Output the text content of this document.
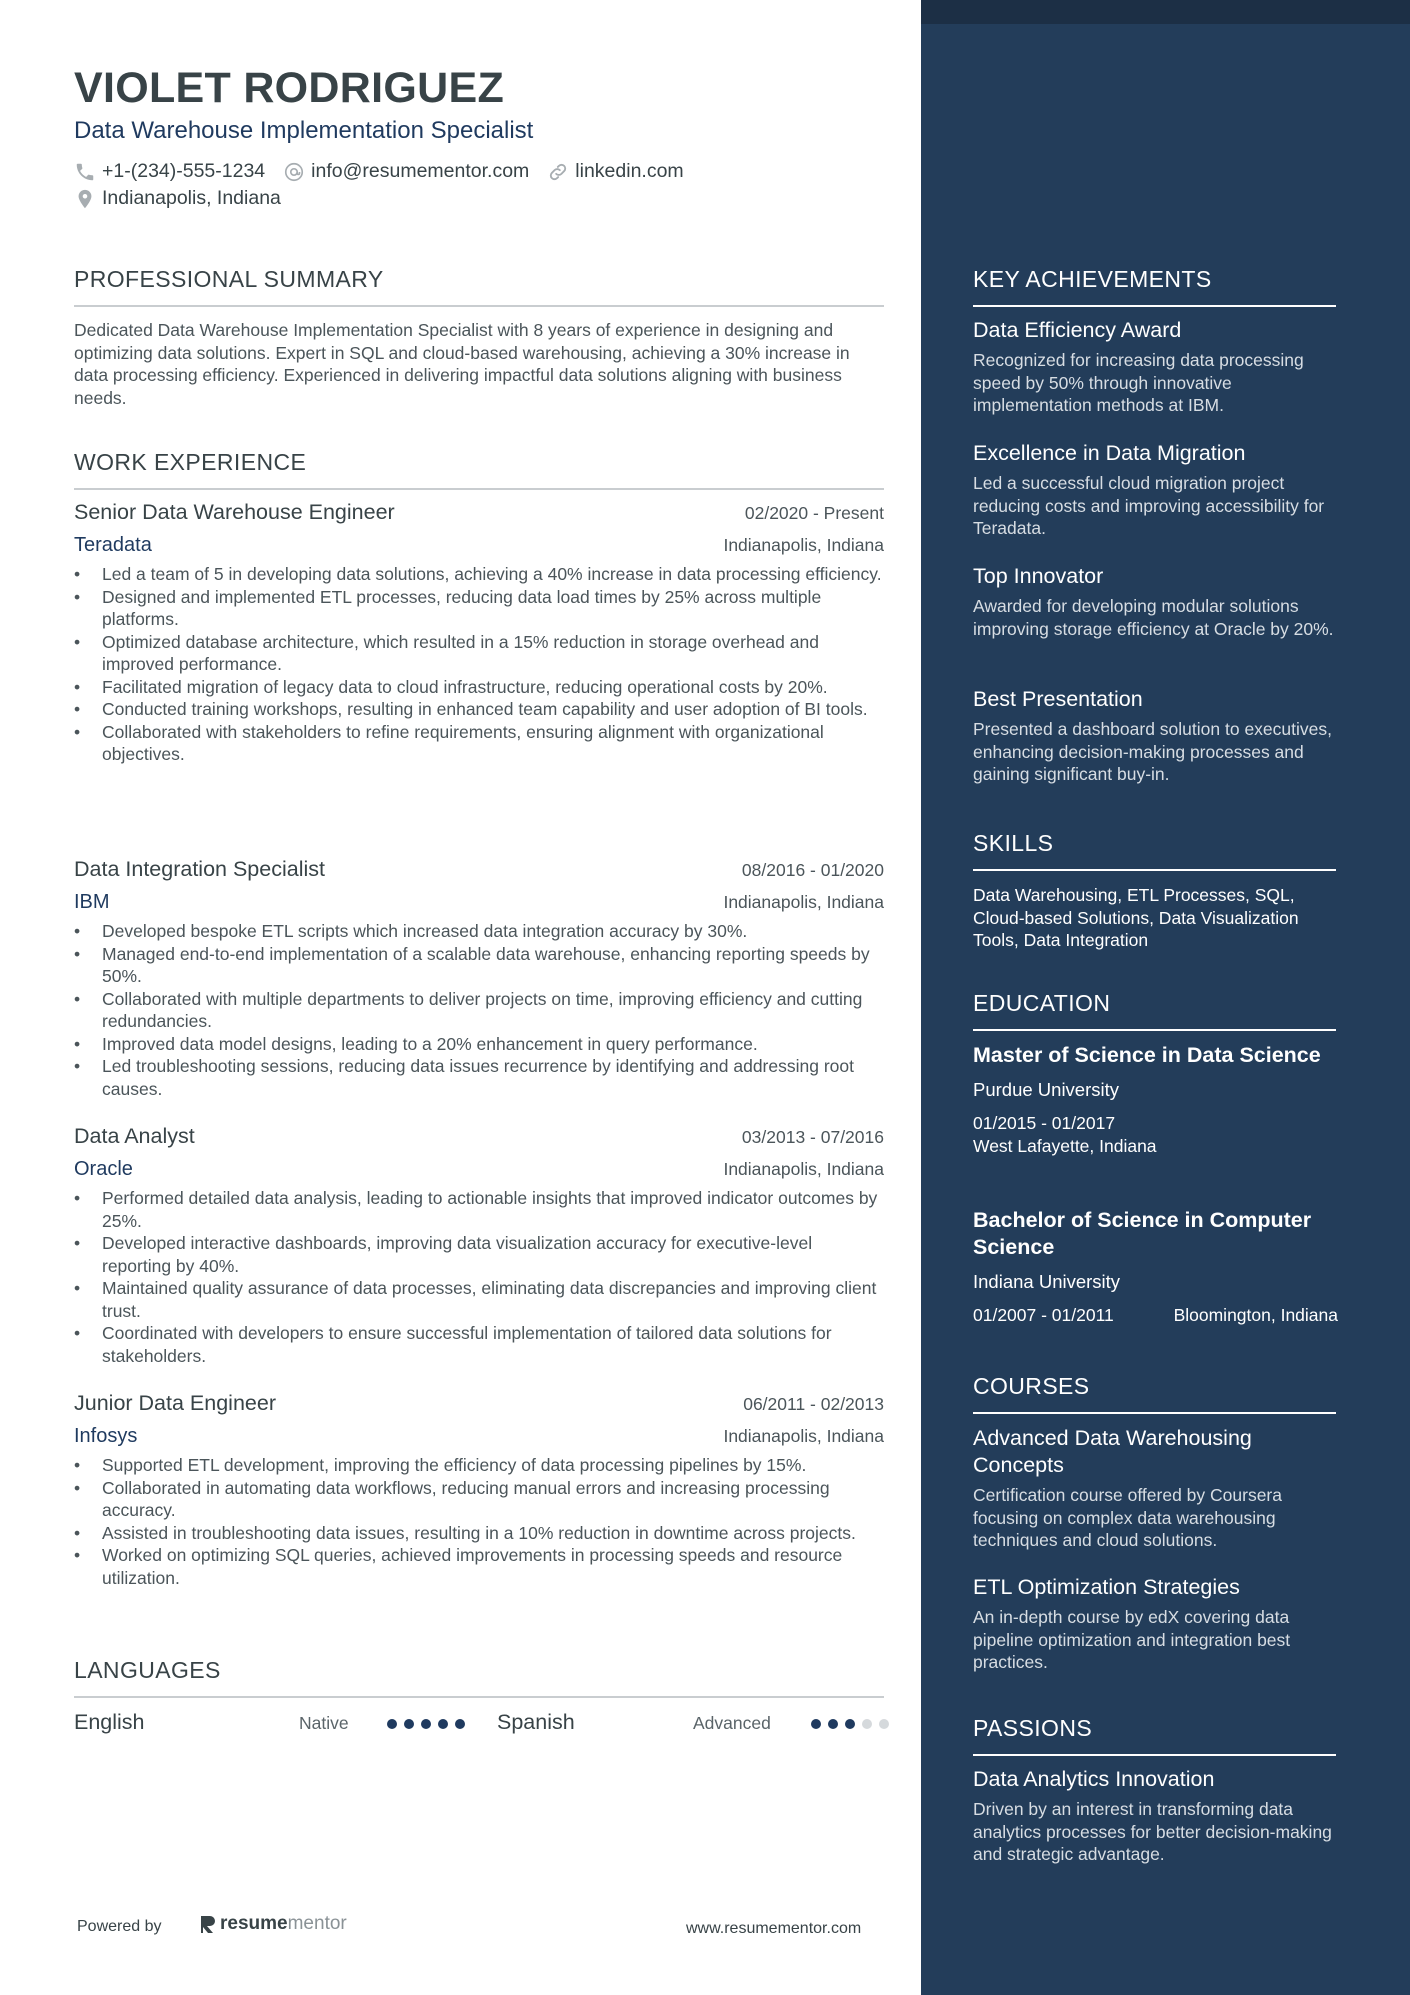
VIOLET RODRIGUEZ
Data Warehouse Implementation Specialist
+1-(234)-555-1234 info@resumementor.com linkedin.com
Indianapolis, Indiana
PROFESSIONAL SUMMARY
Dedicated Data Warehouse Implementation Specialist with 8 years of experience in designing and optimizing data solutions. Expert in SQL and cloud-based warehousing, achieving a 30% increase in data processing efficiency. Experienced in delivering impactful data solutions aligning with business needs.
WORK EXPERIENCE
Senior Data Warehouse Engineer	02/2020 - Present
Teradata	Indianapolis, Indiana
• Led a team of 5 in developing data solutions, achieving a 40% increase in data processing efficiency.
• Designed and implemented ETL processes, reducing data load times by 25% across multiple platforms.
• Optimized database architecture, which resulted in a 15% reduction in storage overhead and improved performance.
• Facilitated migration of legacy data to cloud infrastructure, reducing operational costs by 20%.
• Conducted training workshops, resulting in enhanced team capability and user adoption of BI tools.
• Collaborated with stakeholders to refine requirements, ensuring alignment with organizational objectives.
Data Integration Specialist	08/2016 - 01/2020
IBM	Indianapolis, Indiana
• Developed bespoke ETL scripts which increased data integration accuracy by 30%.
• Managed end-to-end implementation of a scalable data warehouse, enhancing reporting speeds by 50%.
• Collaborated with multiple departments to deliver projects on time, improving efficiency and cutting redundancies.
• Improved data model designs, leading to a 20% enhancement in query performance.
• Led troubleshooting sessions, reducing data issues recurrence by identifying and addressing root causes.
Data Analyst	03/2013 - 07/2016
Oracle	Indianapolis, Indiana
• Performed detailed data analysis, leading to actionable insights that improved indicator outcomes by 25%.
• Developed interactive dashboards, improving data visualization accuracy for executive-level reporting by 40%.
• Maintained quality assurance of data processes, eliminating data discrepancies and improving client trust.
• Coordinated with developers to ensure successful implementation of tailored data solutions for stakeholders.
Junior Data Engineer	06/2011 - 02/2013
Infosys	Indianapolis, Indiana
• Supported ETL development, improving the efficiency of data processing pipelines by 15%.
• Collaborated in automating data workflows, reducing manual errors and increasing processing accuracy.
• Assisted in troubleshooting data issues, resulting in a 10% reduction in downtime across projects.
• Worked on optimizing SQL queries, achieved improvements in processing speeds and resource utilization.
LANGUAGES
English	Native	Spanish	Advanced
Powered by	resume mentor	www.resumementor.com
KEY ACHIEVEMENTS
Data Efficiency Award
Recognized for increasing data processing speed by 50% through innovative implementation methods at IBM.
Excellence in Data Migration
Led a successful cloud migration project reducing costs and improving accessibility for Teradata.
Top Innovator
Awarded for developing modular solutions improving storage efficiency at Oracle by 20%.
Best Presentation
Presented a dashboard solution to executives, enhancing decision-making processes and gaining significant buy-in.
SKILLS
Data Warehousing, ETL Processes, SQL, Cloud-based Solutions, Data Visualization Tools, Data Integration
EDUCATION
Master of Science in Data Science
Purdue University
01/2015 - 01/2017
West Lafayette, Indiana
Bachelor of Science in Computer Science
Indiana University
01/2007 - 01/2011	Bloomington, Indiana
COURSES
Advanced Data Warehousing Concepts
Certification course offered by Coursera focusing on complex data warehousing techniques and cloud solutions.
ETL Optimization Strategies
An in-depth course by edX covering data pipeline optimization and integration best practices.
PASSIONS
Data Analytics Innovation
Driven by an interest in transforming data analytics processes for better decision-making and strategic advantage.
